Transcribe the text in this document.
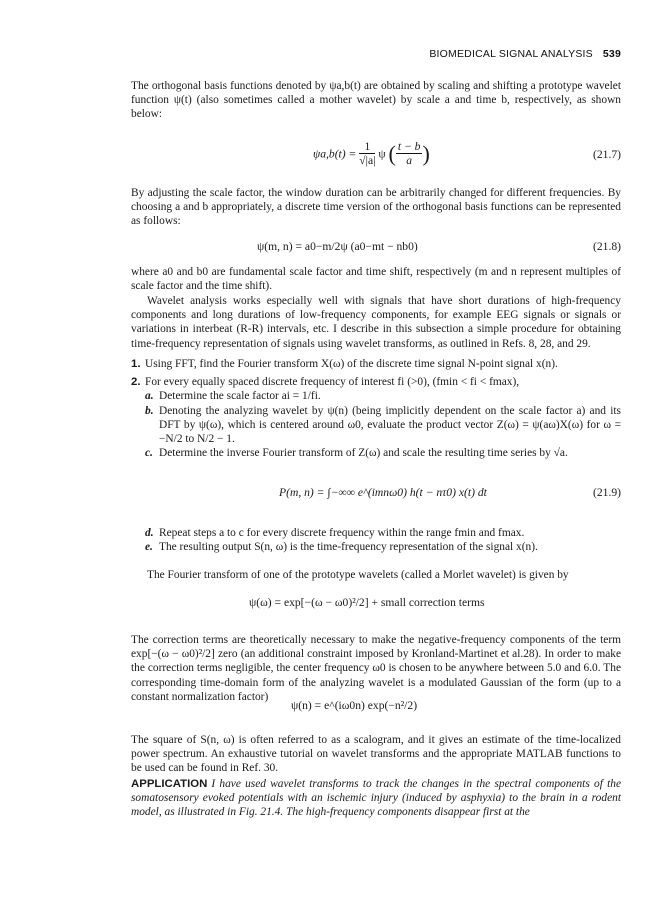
BIOMEDICAL SIGNAL ANALYSIS 539

The orthogonal basis functions denoted by ψa,b(t) are obtained by scaling and shifting a prototype wavelet function ψ(t) (also sometimes called a mother wavelet) by scale a and time b, respectively, as shown below:

$\psi a,b(t) = \frac{1}{√|a|}$ ψ ( $\frac{t - b}{a}$ )	(21.7)

By adjusting the scale factor, the window duration can be arbitrarily changed for different frequencies. By choosing a and b appropriately, a discrete time version of the orthogonal basis functions can be represented as follows:

ψ(m, n) = a0−m/2ψ (a0−mt − nb0)	(21.8)

where a0 and b0 are fundamental scale factor and time shift, respectively (m and n represent multiples of scale factor and the time shift).

Wavelet analysis works especially well with signals that have short durations of high-frequency components and long durations of low-frequency components, for example EEG signals or signals or variations in interbeat (R-R) intervals, etc. I describe in this subsection a simple procedure for obtaining time-frequency representation of signals using wavelet transforms, as outlined in Refs. 8, 28, and 29.

1. Using FFT, find the Fourier transform X(ω) of the discrete time signal N-point signal x(n).
2. For every equally spaced discrete frequency of interest fi (>0), (fmin < fi < fmax),
a. Determine the scale factor ai = 1/fi.
b. Denoting the analyzing wavelet by ψ(n) (being implicitly dependent on the scale factor a) and its DFT by ψ(ω), which is centered around ω0, evaluate the product vector Z(ω) = ψ(aω)X(ω) for ω = −N/2 to N/2 − 1.
c. Determine the inverse Fourier transform of Z(ω) and scale the resulting time series by √a.
P(m, n) = ∫−∞∞ e^(imnω0) h(t − nτ0) x(t) dt	(21.9)
d. Repeat steps a to c for every discrete frequency within the range fmin and fmax.
e. The resulting output S(n, ω) is the time-frequency representation of the signal x(n).

The Fourier transform of one of the prototype wavelets (called a Morlet wavelet) is given by

ψ(ω) = exp[−(ω − ω0)²/2] + small correction terms

The correction terms are theoretically necessary to make the negative-frequency components of the term exp[−(ω − ω0)²/2] zero (an additional constraint imposed by Kronland-Martinet et al.28). In order to make the correction terms negligible, the center frequency ω0 is chosen to be anywhere between 5.0 and 6.0. The corresponding time-domain form of the analyzing wavelet is a modulated Gaussian of the form (up to a constant normalization factor)

ψ(n) = e^(iω0n) exp(−n²/2)

The square of S(n, ω) is often referred to as a scalogram, and it gives an estimate of the time-localized power spectrum. An exhaustive tutorial on wavelet transforms and the appropriate MATLAB functions to be used can be found in Ref. 30.

APPLICATION I have used wavelet transforms to track the changes in the spectral components of the somatosensory evoked potentials with an ischemic injury (induced by asphyxia) to the brain in a rodent model, as illustrated in Fig. 21.4. The high-frequency components disappear first at the
